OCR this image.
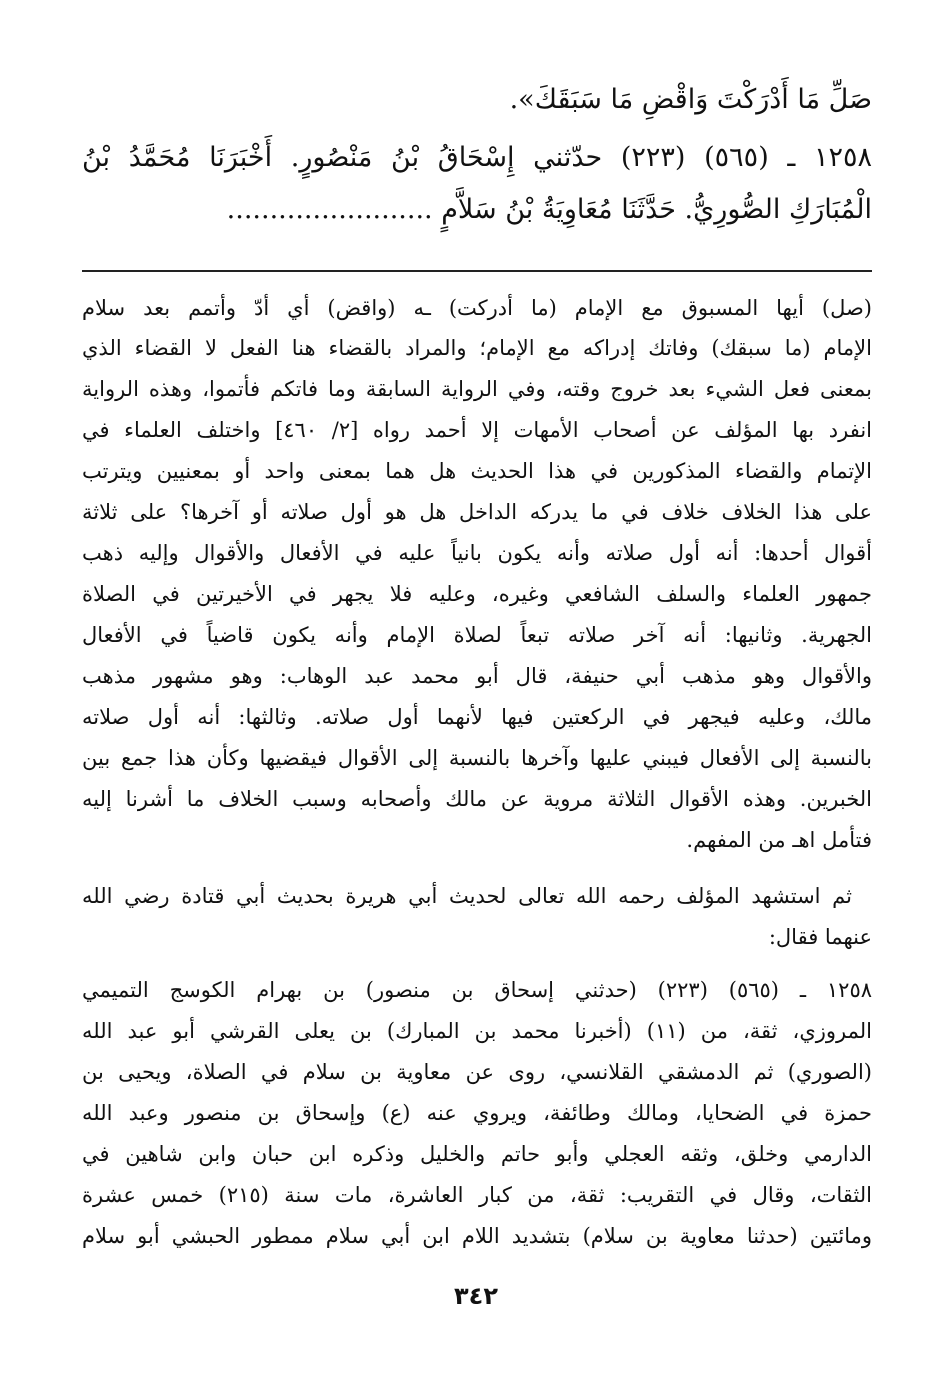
صَلِّ مَا أَدْرَكْتَ وَاقْضِ مَا سَبَقَكَ».
١٢٥٨ ـ (٥٦٥) (٢٢٣) حدّثني إِسْحَاقُ بْنُ مَنْصُورٍ. أَخْبَرَنَا مُحَمَّدُ بْنُ
الْمُبَارَكِ الصُّورِيُّ. حَدَّثَنَا مُعَاوِيَةُ بْنُ سَلاَّمٍ ........................
(صل) أيها المسبوق مع الإمام (ما أدركت) ـه (واقض) أي أدّ وأتمم بعد سلام
الإمام (ما سبقك) وفاتك إدراكه مع الإمام؛ والمراد بالقضاء هنا الفعل لا القضاء الذي
بمعنى فعل الشيء بعد خروج وقته، وفي الرواية السابقة وما فاتكم فأتموا، وهذه الرواية
انفرد بها المؤلف عن أصحاب الأمهات إلا أحمد رواه [٢/ ٤٦٠] واختلف العلماء في
الإتمام والقضاء المذكورين في هذا الحديث هل هما بمعنى واحد أو بمعنيين ويترتب
على هذا الخلاف خلاف في ما يدركه الداخل هل هو أول صلاته أو آخرها؟ على ثلاثة
أقوال أحدها: أنه أول صلاته وأنه يكون بانياً عليه في الأفعال والأقوال وإليه ذهب
جمهور العلماء والسلف الشافعي وغيره، وعليه فلا يجهر في الأخيرتين في الصلاة
الجهرية. وثانيها: أنه آخر صلاته تبعاً لصلاة الإمام وأنه يكون قاضياً في الأفعال
والأقوال وهو مذهب أبي حنيفة، قال أبو محمد عبد الوهاب: وهو مشهور مذهب
مالك، وعليه فيجهر في الركعتين فيها لأنهما أول صلاته. وثالثها: أنه أول صلاته
بالنسبة إلى الأفعال فيبني عليها وآخرها بالنسبة إلى الأقوال فيقضيها وكأن هذا جمع بين
الخبرين. وهذه الأقوال الثلاثة مروية عن مالك وأصحابه وسبب الخلاف ما أشرنا إليه
فتأمل اهـ من المفهم.
ثم استشهد المؤلف رحمه الله تعالى لحديث أبي هريرة بحديث أبي قتادة رضي الله
عنهما فقال:
١٢٥٨ ـ (٥٦٥) (٢٢٣) (حدثني إسحاق بن منصور) بن بهرام الكوسج التميمي
المروزي، ثقة، من (١١) (أخبرنا محمد بن المبارك) بن يعلى القرشي أبو عبد الله
(الصوري) ثم الدمشقي القلانسي، روى عن معاوية بن سلام في الصلاة، ويحيى بن
حمزة في الضحايا، ومالك وطائفة، ويروي عنه (ع) وإسحاق بن منصور وعبد الله
الدارمي وخلق، وثقه العجلي وأبو حاتم والخليل وذكره ابن حبان وابن شاهين في
الثقات، وقال في التقريب: ثقة، من كبار العاشرة، مات سنة (٢١٥) خمس عشرة
ومائتين (حدثنا معاوية بن سلام) بتشديد اللام ابن أبي سلام ممطور الحبشي أبو سلام
٣٤٢
